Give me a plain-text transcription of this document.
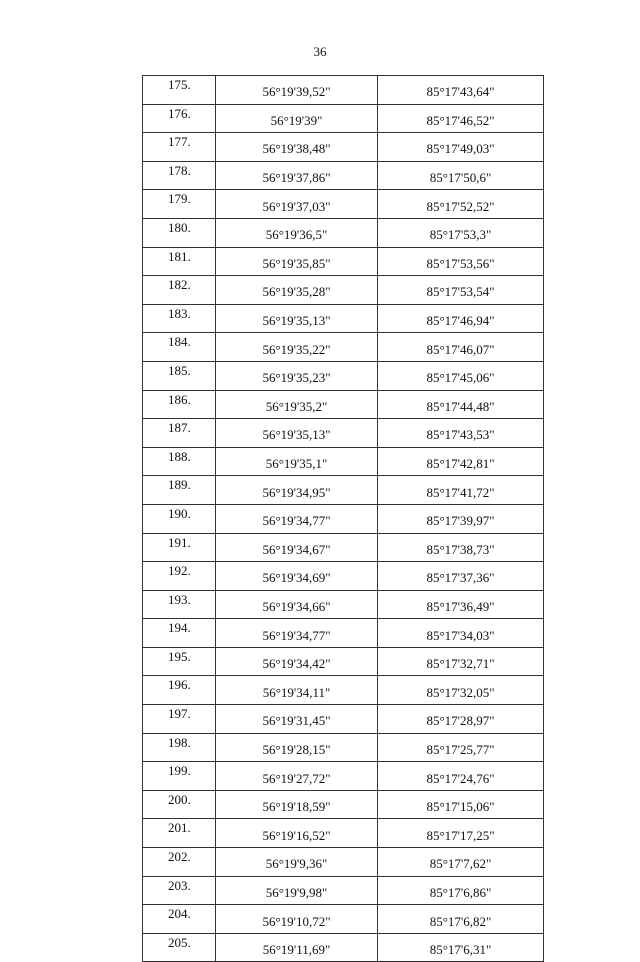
36
175.	56°19'39,52"	85°17'43,64"
176.	56°19'39"	85°17'46,52"
177.	56°19'38,48"	85°17'49,03"
178.	56°19'37,86"	85°17'50,6"
179.	56°19'37,03"	85°17'52,52"
180.	56°19'36,5"	85°17'53,3"
181.	56°19'35,85"	85°17'53,56"
182.	56°19'35,28"	85°17'53,54"
183.	56°19'35,13"	85°17'46,94"
184.	56°19'35,22"	85°17'46,07"
185.	56°19'35,23"	85°17'45,06"
186.	56°19'35,2"	85°17'44,48"
187.	56°19'35,13"	85°17'43,53"
188.	56°19'35,1"	85°17'42,81"
189.	56°19'34,95"	85°17'41,72"
190.	56°19'34,77"	85°17'39,97"
191.	56°19'34,67"	85°17'38,73"
192.	56°19'34,69"	85°17'37,36"
193.	56°19'34,66"	85°17'36,49"
194.	56°19'34,77"	85°17'34,03"
195.	56°19'34,42"	85°17'32,71"
196.	56°19'34,11"	85°17'32,05"
197.	56°19'31,45"	85°17'28,97"
198.	56°19'28,15"	85°17'25,77"
199.	56°19'27,72"	85°17'24,76"
200.	56°19'18,59"	85°17'15,06"
201.	56°19'16,52"	85°17'17,25"
202.	56°19'9,36"	85°17'7,62"
203.	56°19'9,98"	85°17'6,86"
204.	56°19'10,72"	85°17'6,82"
205.	56°19'11,69"	85°17'6,31"
